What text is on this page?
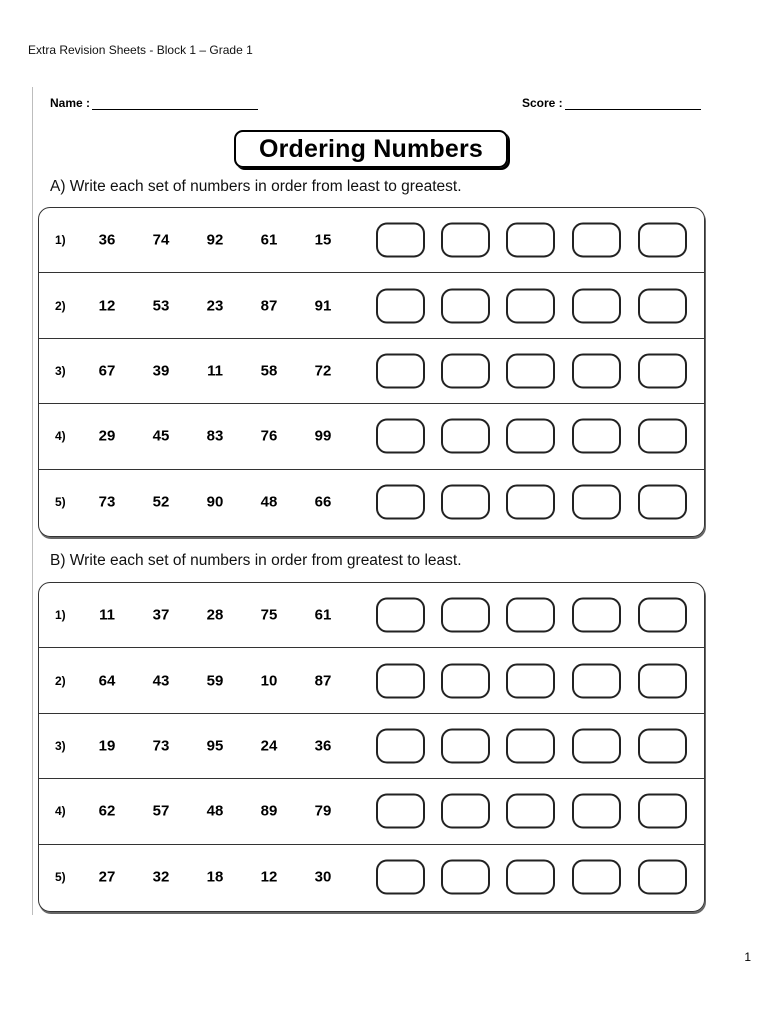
Extra Revision Sheets - Block 1 – Grade 1
Name :	Score :
Ordering Numbers
A) Write each set of numbers in order from least to greatest.
1) 36 74 92 61 15
2) 12 53 23 87 91
3) 67 39	11	58 72
4) 29 45 83 76 99
5) 73 52 90 48 66
B) Write each set of numbers in order from greatest to least.
1) 11	37 28 75 61
2) 64 43 59 10 87
3) 19 73 95 24 36
4) 62 57 48 89 79
5) 27 32 18 12 30
1
